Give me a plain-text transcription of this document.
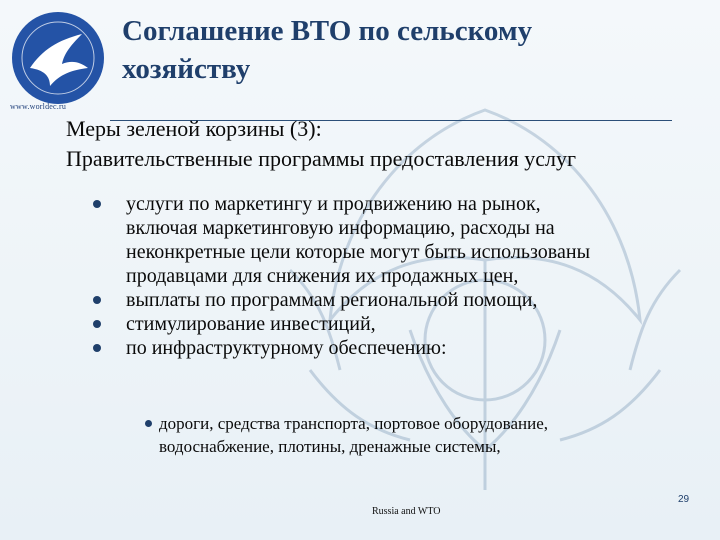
www.worldec.ru
Соглашение ВТО по сельскому
хозяйству

Меры зеленой корзины (3):

Правительственные программы предоставления услуг

услуги по маркетингу и продвижению на рынок,
включая маркетинговую информацию, расходы на
неконкретные цели которые могут быть использованы
продавцами для снижения их продажных цен,
выплаты по программам региональной помощи,
стимулирование инвестиций,
по инфраструктурному обеспечению:
дороги, средства транспорта, портовое оборудование,
водоснабжение, плотины, дренажные системы,
Russia and WTO
29
